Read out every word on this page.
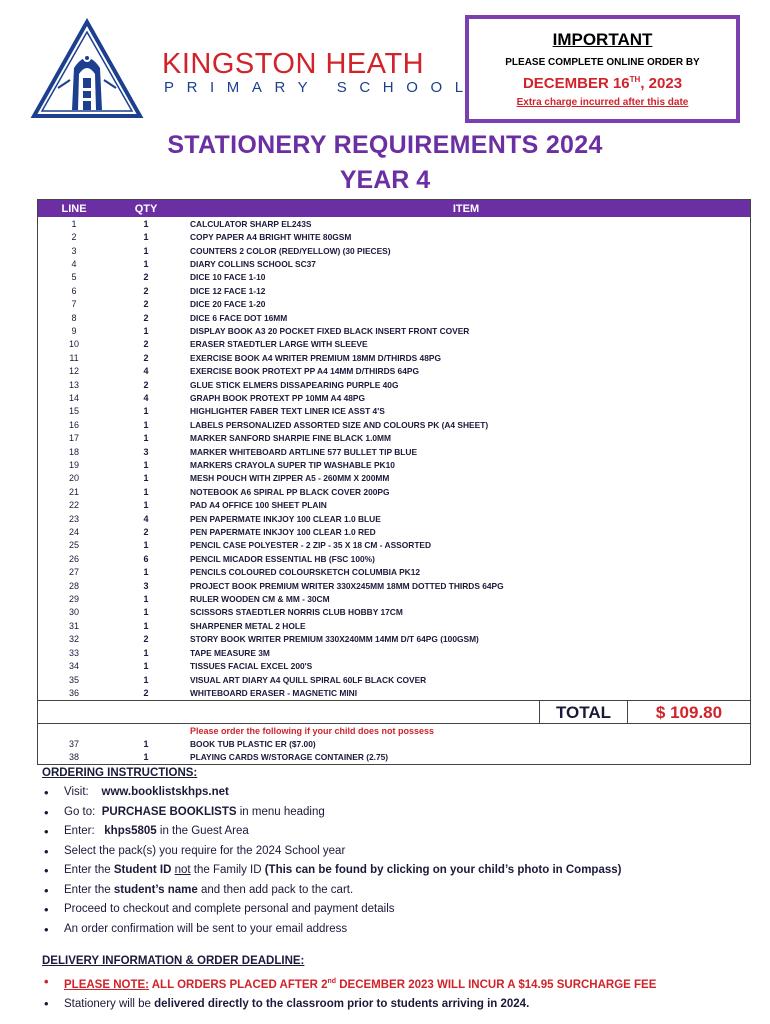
KINGSTON HEATH
PRIMARY SCHOOL
IMPORTANT
PLEASE COMPLETE ONLINE ORDER BY
DECEMBER 16TH, 2023
Extra charge incurred after this date
STATIONERY REQUIREMENTS 2024
YEAR 4
LINE	QTY	ITEM
1	1	CALCULATOR SHARP EL243S
2	1	COPY PAPER A4 BRIGHT WHITE 80GSM
3	1	COUNTERS 2 COLOR (RED/YELLOW) (30 PIECES)
4	1	DIARY COLLINS SCHOOL SC37
5	2	DICE 10 FACE 1-10
6	2	DICE 12 FACE 1-12
7	2	DICE 20 FACE 1-20
8	2	DICE 6 FACE DOT 16MM
9	1	DISPLAY BOOK A3 20 POCKET FIXED BLACK INSERT FRONT COVER
10	2	ERASER STAEDTLER LARGE WITH SLEEVE
11	2	EXERCISE BOOK A4 WRITER PREMIUM 18MM D/THIRDS 48PG
12	4	EXERCISE BOOK PROTEXT PP A4 14MM D/THIRDS 64PG
13	2	GLUE STICK ELMERS DISSAPEARING PURPLE 40G
14	4	GRAPH BOOK PROTEXT PP 10MM A4 48PG
15	1	HIGHLIGHTER FABER TEXT LINER ICE ASST 4'S
16	1	LABELS PERSONALIZED ASSORTED SIZE AND COLOURS PK (A4 SHEET)
17	1	MARKER SANFORD SHARPIE FINE BLACK 1.0MM
18	3	MARKER WHITEBOARD ARTLINE 577 BULLET TIP BLUE
19	1	MARKERS CRAYOLA SUPER TIP WASHABLE PK10
20	1	MESH POUCH WITH ZIPPER A5 - 260MM X 200MM
21	1	NOTEBOOK A6 SPIRAL PP BLACK COVER 200PG
22	1	PAD A4 OFFICE 100 SHEET PLAIN
23	4	PEN PAPERMATE INKJOY 100 CLEAR 1.0 BLUE
24	2	PEN PAPERMATE INKJOY 100 CLEAR 1.0 RED
25	1	PENCIL CASE POLYESTER - 2 ZIP - 35 X 18 CM - ASSORTED
26	6	PENCIL MICADOR ESSENTIAL HB (FSC 100%)
27	1	PENCILS COLOURED COLOURSKETCH COLUMBIA PK12
28	3	PROJECT BOOK PREMIUM WRITER 330X245MM 18MM DOTTED THIRDS 64PG
29	1	RULER WOODEN CM & MM - 30CM
30	1	SCISSORS STAEDTLER NORRIS CLUB HOBBY 17CM
31	1	SHARPENER METAL 2 HOLE
32	2	STORY BOOK WRITER PREMIUM 330X240MM 14MM D/T 64PG (100GSM)
33	1	TAPE MEASURE 3M
34	1	TISSUES FACIAL EXCEL 200'S
35	1	VISUAL ART DIARY A4 QUILL SPIRAL 60LF BLACK COVER
36	2	WHITEBOARD ERASER - MAGNETIC MINI
TOTAL	$ 109.80
Please order the following if your child does not possess
37	1	BOOK TUB PLASTIC ER ($7.00)
38	1	PLAYING CARDS W/STORAGE CONTAINER (2.75)
ORDERING INSTRUCTIONS:
• Visit: www.booklistskhps.net
• Go to: PURCHASE BOOKLISTS in menu heading
• Enter: khps5805 in the Guest Area
• Select the pack(s) you require for the 2024 School year
• Enter the Student ID not the Family ID (This can be found by clicking on your child’s photo in Compass)
• Enter the student’s name and then add pack to the cart.
• Proceed to checkout and complete personal and payment details
• An order confirmation will be sent to your email address
DELIVERY INFORMATION & ORDER DEADLINE:
• PLEASE NOTE: ALL ORDERS PLACED AFTER 2nd DECEMBER 2023 WILL INCUR A $14.95 SURCHARGE FEE
• Stationery will be delivered directly to the classroom prior to students arriving in 2024.
